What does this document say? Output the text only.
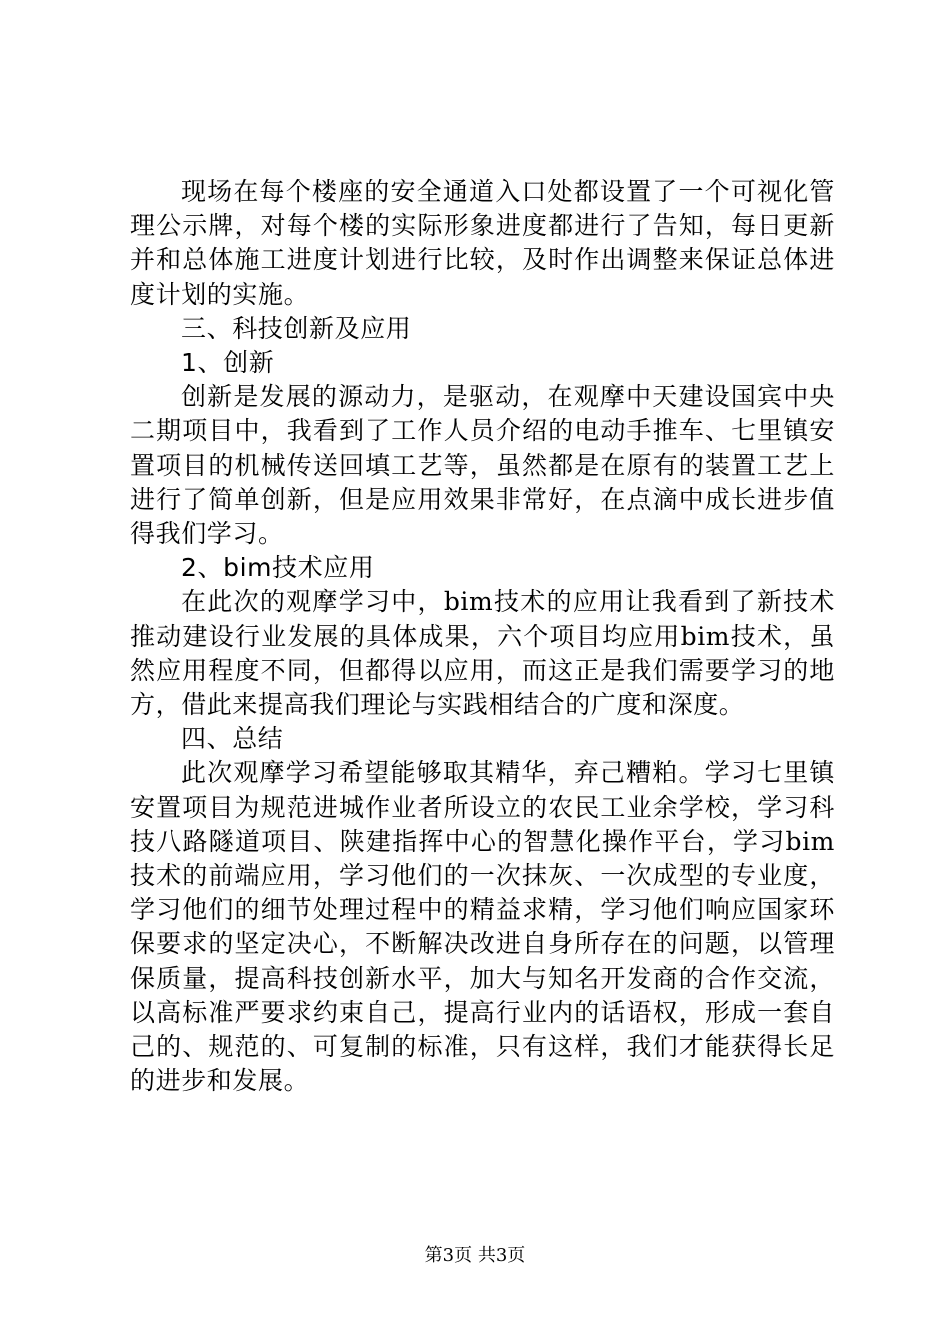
现场在每个楼座的安全通道入口处都设置了一个可视化管理公示牌，对每个楼的实际形象进度都进行了告知，每日更新并和总体施工进度计划进行比较，及时作出调整来保证总体进度计划的实施。

三、科技创新及应用
1、创新

创新是发展的源动力，是驱动，在观摩中天建设国宾中央二期项目中，我看到了工作人员介绍的电动手推车、七里镇安置项目的机械传送回填工艺等，虽然都是在原有的装置工艺上进行了简单创新，但是应用效果非常好，在点滴中成长进步值得我们学习。

2、bim技术应用

在此次的观摩学习中，bim技术的应用让我看到了新技术推动建设行业发展的具体成果，六个项目均应用bim技术，虽然应用程度不同，但都得以应用，而这正是我们需要学习的地方，借此来提高我们理论与实践相结合的广度和深度。

四、总结

此次观摩学习希望能够取其精华，弃己糟粕。学习七里镇安置项目为规范进城作业者所设立的农民工业余学校，学习科技八路隧道项目、陕建指挥中心的智慧化操作平台，学习bim技术的前端应用，学习他们的一次抹灰、一次成型的专业度，学习他们的细节处理过程中的精益求精，学习他们响应国家环保要求的坚定决心，不断解决改进自身所存在的问题，以管理保质量，提高科技创新水平，加大与知名开发商的合作交流，以高标准严要求约束自己，提高行业内的话语权，形成一套自己的、规范的、可复制的标准，只有这样，我们才能获得长足的进步和发展。

第3页 共3页
